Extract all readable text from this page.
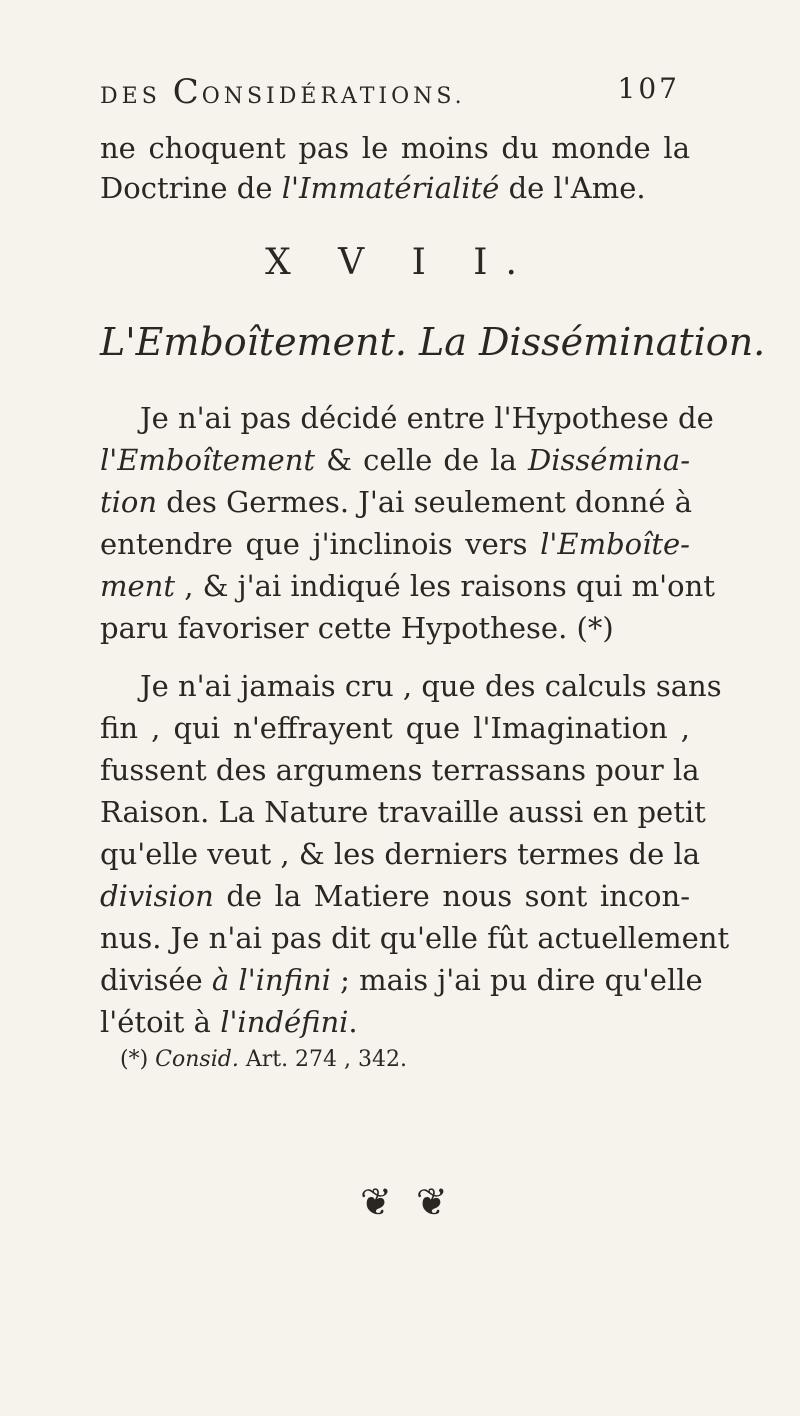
DES CONSIDÉRATIONS.	107
ne choquent pas le moins du monde la
Doctrine de l'Immatérialité de l'Ame.
X V I I.
L'Emboîtement. La Dissémination.
Je n'ai pas décidé entre l'Hypothese de
l'Emboîtement & celle de la Dissémina-
tion des Germes. J'ai seulement donné à
entendre que j'inclinois vers l'Emboîte-
ment , & j'ai indiqué les raisons qui m'ont
paru favoriser cette Hypothese. (*)
Je n'ai jamais cru , que des calculs sans
fin , qui n'effrayent que l'Imagination ,
fussent des argumens terrassans pour la
Raison. La Nature travaille aussi en petit
qu'elle veut , & les derniers termes de la
division de la Matiere nous sont incon-
nus. Je n'ai pas dit qu'elle fût actuellement
divisée à l'infini ; mais j'ai pu dire qu'elle
l'étoit à l'indéfini.
(*) Consid. Art. 274 , 342.
❦ ❦
